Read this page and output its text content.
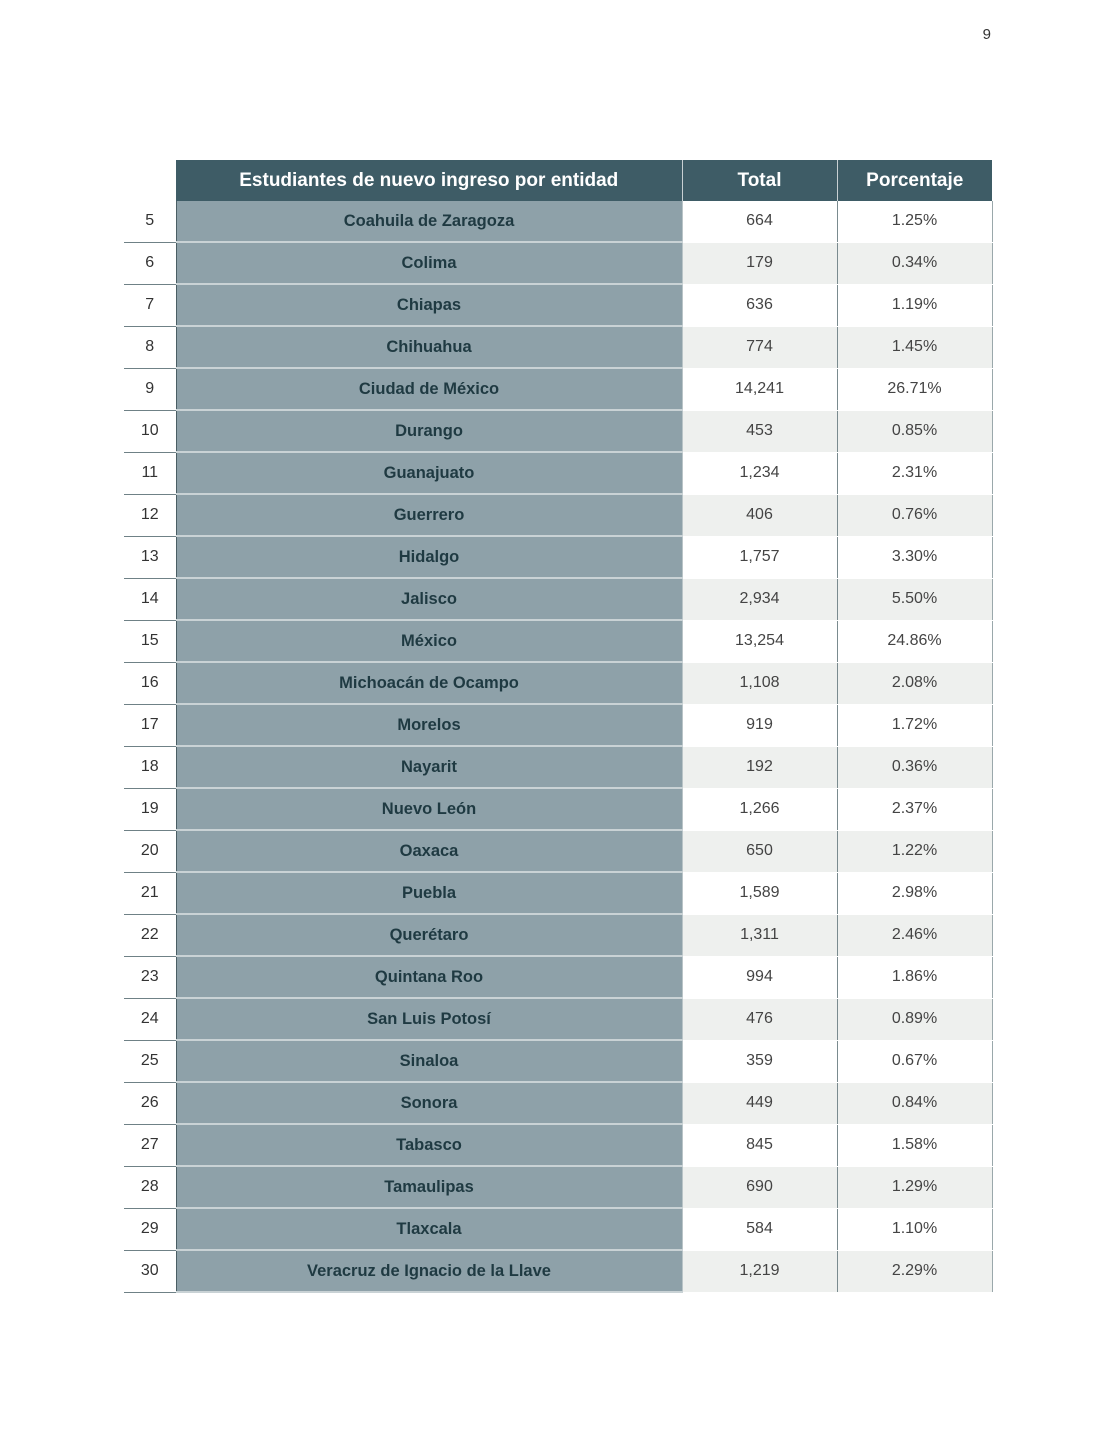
9
	Estudiantes de nuevo ingreso por entidad	Total	Porcentaje
5	Coahuila de Zaragoza	664	1.25%
6	Colima	179	0.34%
7	Chiapas	636	1.19%
8	Chihuahua	774	1.45%
9	Ciudad de México	14,241	26.71%
10	Durango	453	0.85%
11	Guanajuato	1,234	2.31%
12	Guerrero	406	0.76%
13	Hidalgo	1,757	3.30%
14	Jalisco	2,934	5.50%
15	México	13,254	24.86%
16	Michoacán de Ocampo	1,108	2.08%
17	Morelos	919	1.72%
18	Nayarit	192	0.36%
19	Nuevo León	1,266	2.37%
20	Oaxaca	650	1.22%
21	Puebla	1,589	2.98%
22	Querétaro	1,311	2.46%
23	Quintana Roo	994	1.86%
24	San Luis Potosí	476	0.89%
25	Sinaloa	359	0.67%
26	Sonora	449	0.84%
27	Tabasco	845	1.58%
28	Tamaulipas	690	1.29%
29	Tlaxcala	584	1.10%
30	Veracruz de Ignacio de la Llave	1,219	2.29%
